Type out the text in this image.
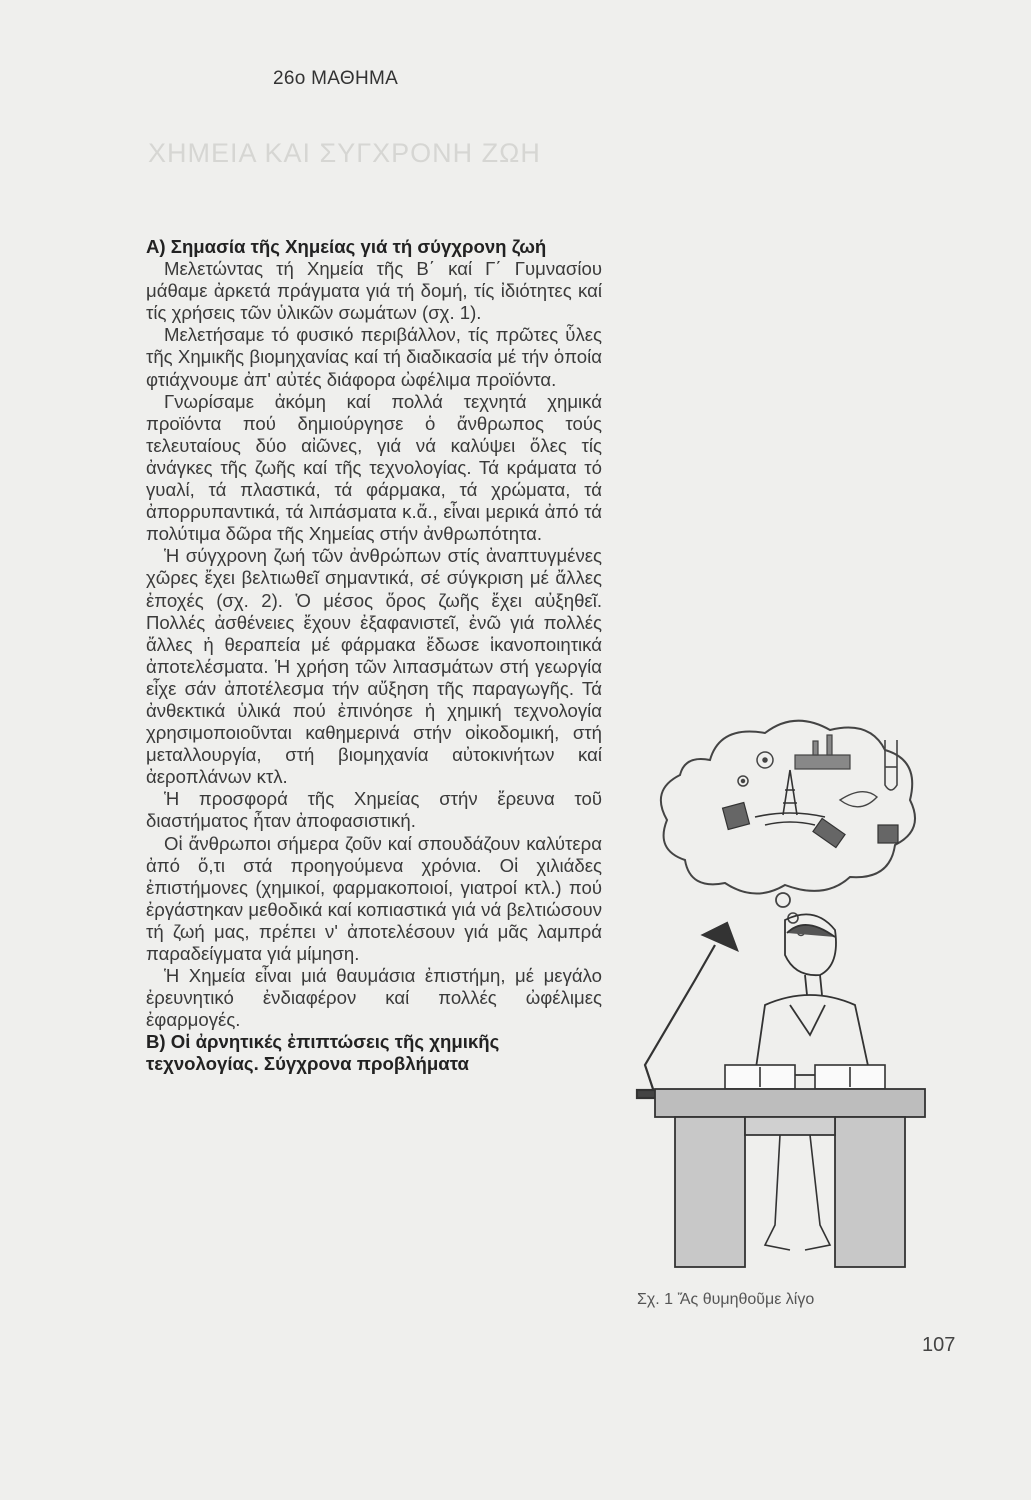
ΧΗΜΕΙΑ ΚΑΙ ΣΥΓΧΡΟΝΗ ΖΩΗ
26ο ΜΑΘΗΜΑ

Α) Σημασία τῆς Χημείας γιά τή σύγχρονη ζωή

Μελετώντας τή Χημεία τῆς Β΄ καί Γ΄ Γυμνασίου μάθαμε ἀρκετά πράγματα γιά τή δομή, τίς ἰδιότητες καί τίς χρήσεις τῶν ὑλικῶν σωμάτων (σχ. 1).

Μελετήσαμε τό φυσικό περιβάλλον, τίς πρῶτες ὗλες τῆς Χημικῆς βιομηχανίας καί τή διαδικασία μέ τήν ὁποία φτιάχνουμε ἀπ' αὐτές διάφορα ὠφέλιμα προϊόντα.

Γνωρίσαμε ἀκόμη καί πολλά τεχνητά χημικά προϊόντα πού δημιούργησε ὁ ἄνθρωπος τούς τελευταίους δύο αἰῶνες, γιά νά καλύψει ὅλες τίς ἀνάγκες τῆς ζωῆς καί τῆς τεχνολογίας. Τά κράματα τό γυαλί, τά πλαστικά, τά φάρμακα, τά χρώματα, τά ἀπορρυπαντικά, τά λιπάσματα κ.ἄ., εἶναι μερικά ἀπό τά πολύτιμα δῶρα τῆς Χημείας στήν ἀνθρωπότητα.

Ἡ σύγχρονη ζωή τῶν ἀνθρώπων στίς ἀναπτυγμένες χῶρες ἔχει βελτιωθεῖ σημαντικά, σέ σύγκριση μέ ἄλλες ἐποχές (σχ. 2). Ὁ μέσος ὅρος ζωῆς ἔχει αὐξηθεῖ. Πολλές ἀσθένειες ἔχουν ἐξαφανιστεῖ, ἐνῶ γιά πολλές ἄλλες ἡ θεραπεία μέ φάρμακα ἔδωσε ἱκανοποιητικά ἀποτελέσματα. Ἡ χρήση τῶν λιπασμάτων στή γεωργία εἶχε σάν ἀποτέλεσμα τήν αὔξηση τῆς παραγωγῆς. Τά ἀνθεκτικά ὑλικά πού ἐπινόησε ἡ χημική τεχνολογία χρησιμοποιοῦνται καθημερινά στήν οἰκοδομική, στή μεταλλουργία, στή βιομηχανία αὐτοκινήτων καί ἀεροπλάνων κτλ.

Ἡ προσφορά τῆς Χημείας στήν ἔρευνα τοῦ διαστήματος ἦταν ἀποφασιστική.

Οἱ ἄνθρωποι σήμερα ζοῦν καί σπουδάζουν καλύτερα ἀπό ὅ,τι στά προηγούμενα χρόνια. Οἱ χιλιάδες ἐπιστήμονες (χημικοί, φαρμακοποιοί, γιατροί κτλ.) πού ἐργάστηκαν μεθοδικά καί κοπιαστικά γιά νά βελτιώσουν τή ζωή μας, πρέπει ν' ἀποτελέσουν γιά μᾶς λαμπρά παραδείγματα γιά μίμηση.

Ἡ Χημεία εἶναι μιά θαυμάσια ἐπιστήμη, μέ μεγάλο ἐρευνητικό ἐνδιαφέρον καί πολλές ὠφέλιμες ἐφαρμογές.

Β) Οἱ ἀρνητικές ἐπιπτώσεις τῆς χημικῆς τεχνολογίας. Σύγχρονα προβλήματα

Σχ. 1 Ἄς θυμηθοῦμε λίγο
107
